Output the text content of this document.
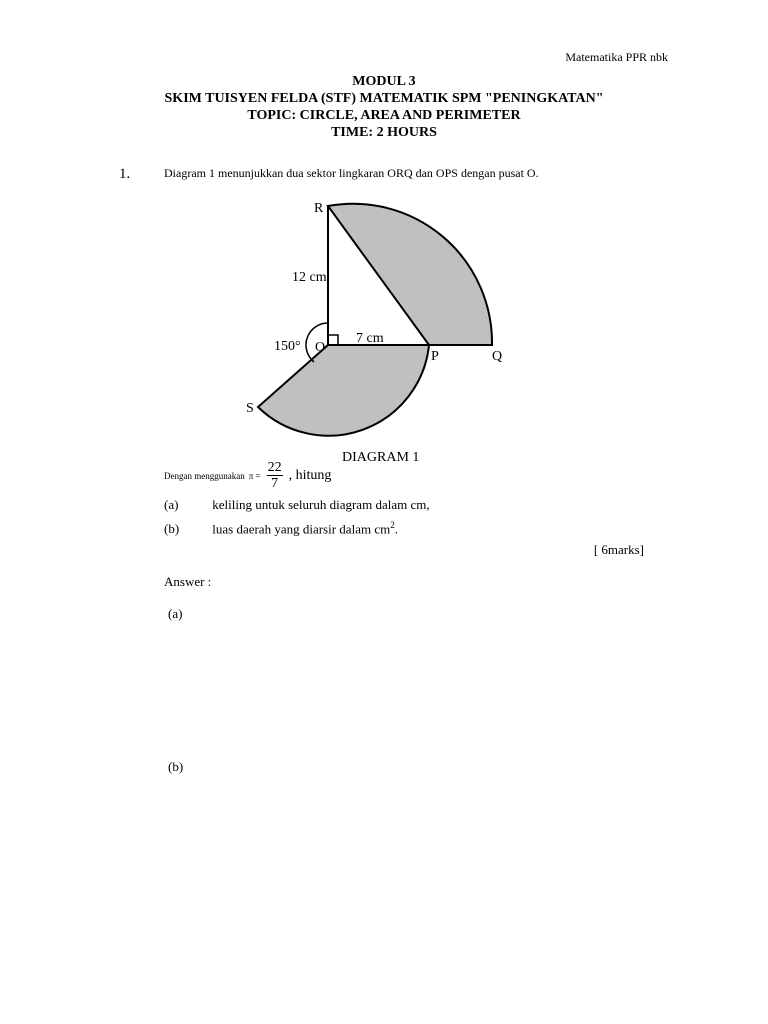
Matematika PPR nbk
MODUL 3
SKIM TUISYEN FELDA (STF) MATEMATIK SPM "PENINGKATAN"
TOPIC: CIRCLE, AREA AND PERIMETER
TIME: 2 HOURS
1.	Diagram 1 menunjukkan dua sektor lingkaran ORQ dan OPS dengan pusat O.
R
12 cm
150° O
7 cm
P	Q
S
DIAGRAM 1
Dengan menggunakan $\pi = \frac{22}{7}$ , hitung
(a)	keliling untuk seluruh diagram dalam cm,
(b)	luas daerah yang diarsir dalam $cm^2$.
[ 6marks]
Answer :
(a)
(b)
